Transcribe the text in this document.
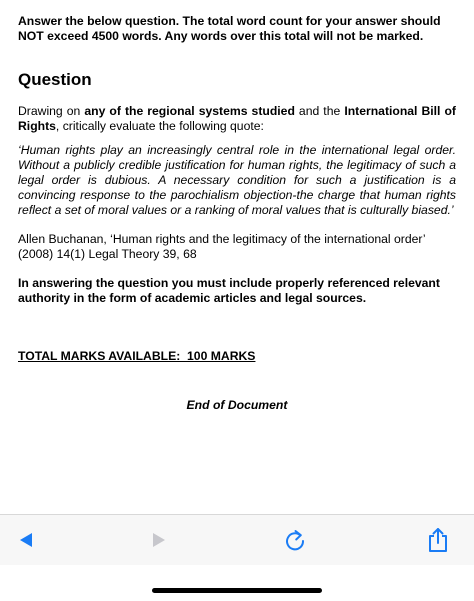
Answer the below question. The total word count for your answer should NOT exceed 4500 words. Any words over this total will not be marked.

Question

Drawing on any of the regional systems studied and the International Bill of Rights, critically evaluate the following quote:

‘Human rights play an increasingly central role in the international legal order. Without a publicly credible justification for human rights, the legitimacy of such a legal order is dubious. A necessary condition for such a justification is a convincing response to the parochialism objection-the charge that human rights reflect a set of moral values or a ranking of moral values that is culturally biased.’

Allen Buchanan, ‘Human rights and the legitimacy of the international order’ (2008) 14(1) Legal Theory 39, 68

In answering the question you must include properly referenced relevant authority in the form of academic articles and legal sources.

TOTAL MARKS AVAILABLE:  100 MARKS

End of Document
